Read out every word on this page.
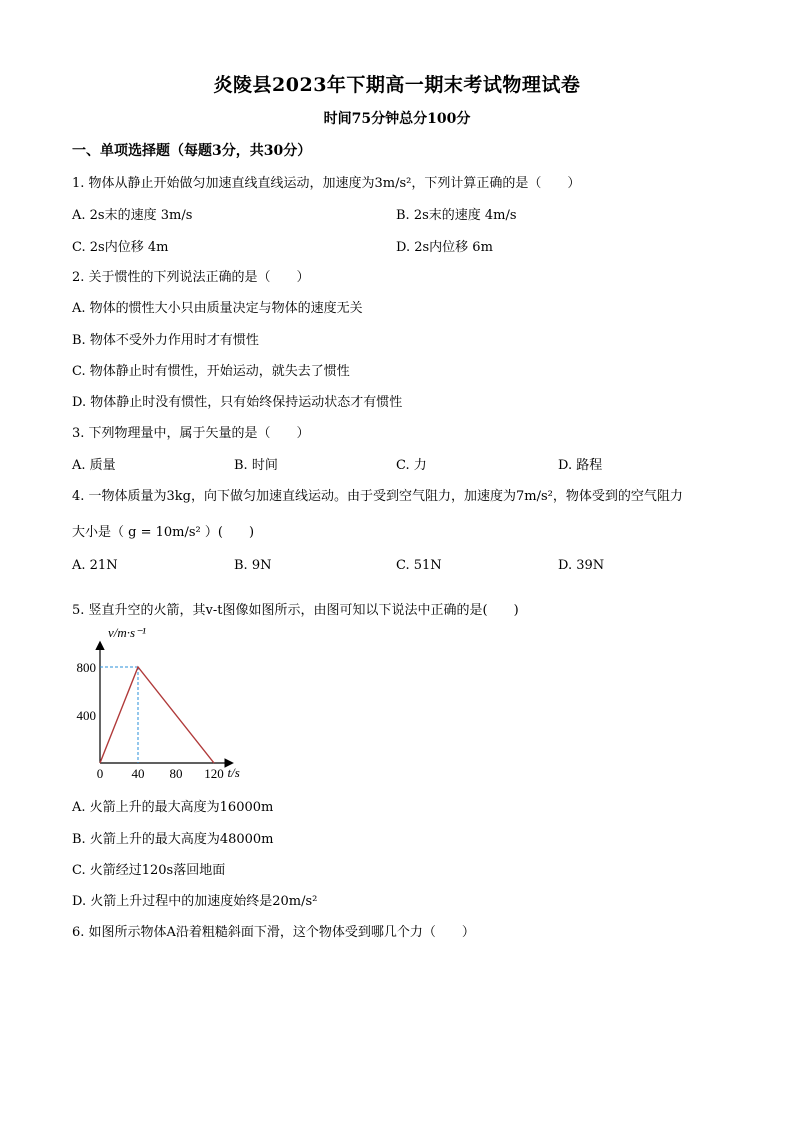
炎陵县2023年下期高一期末考试物理试卷
时间75分钟总分100分
一、单项选择题（每题3分，共30分）
1. 物体从静止开始做匀加速直线直线运动，加速度为3m/s²，下列计算正确的是（　　）
A. 2s末的速度 3m/s	B. 2s末的速度 4m/s
C. 2s内位移 4m	D. 2s内位移 6m
2. 关于惯性的下列说法正确的是（　　）
A. 物体的惯性大小只由质量决定与物体的速度无关
B. 物体不受外力作用时才有惯性
C. 物体静止时有惯性，开始运动，就失去了惯性
D. 物体静止时没有惯性，只有始终保持运动状态才有惯性
3. 下列物理量中，属于矢量的是（　　）
A. 质量	B. 时间	C. 力	D. 路程
4. 一物体质量为3kg，向下做匀加速直线运动。由于受到空气阻力，加速度为7m/s²，物体受到的空气阻力
大小是（ g = 10m/s² ）(　　)
A. 21N	B. 9N	C. 51N	D. 39N
5. 竖直升空的火箭，其v-t图像如图所示，由图可知以下说法中正确的是(　　)
v/m·s⁻¹
t/s
0 40 80 120
400
800
A. 火箭上升的最大高度为16000m
B. 火箭上升的最大高度为48000m
C. 火箭经过120s落回地面
D. 火箭上升过程中的加速度始终是20m/s²
6. 如图所示物体A沿着粗糙斜面下滑，这个物体受到哪几个力（　　）
